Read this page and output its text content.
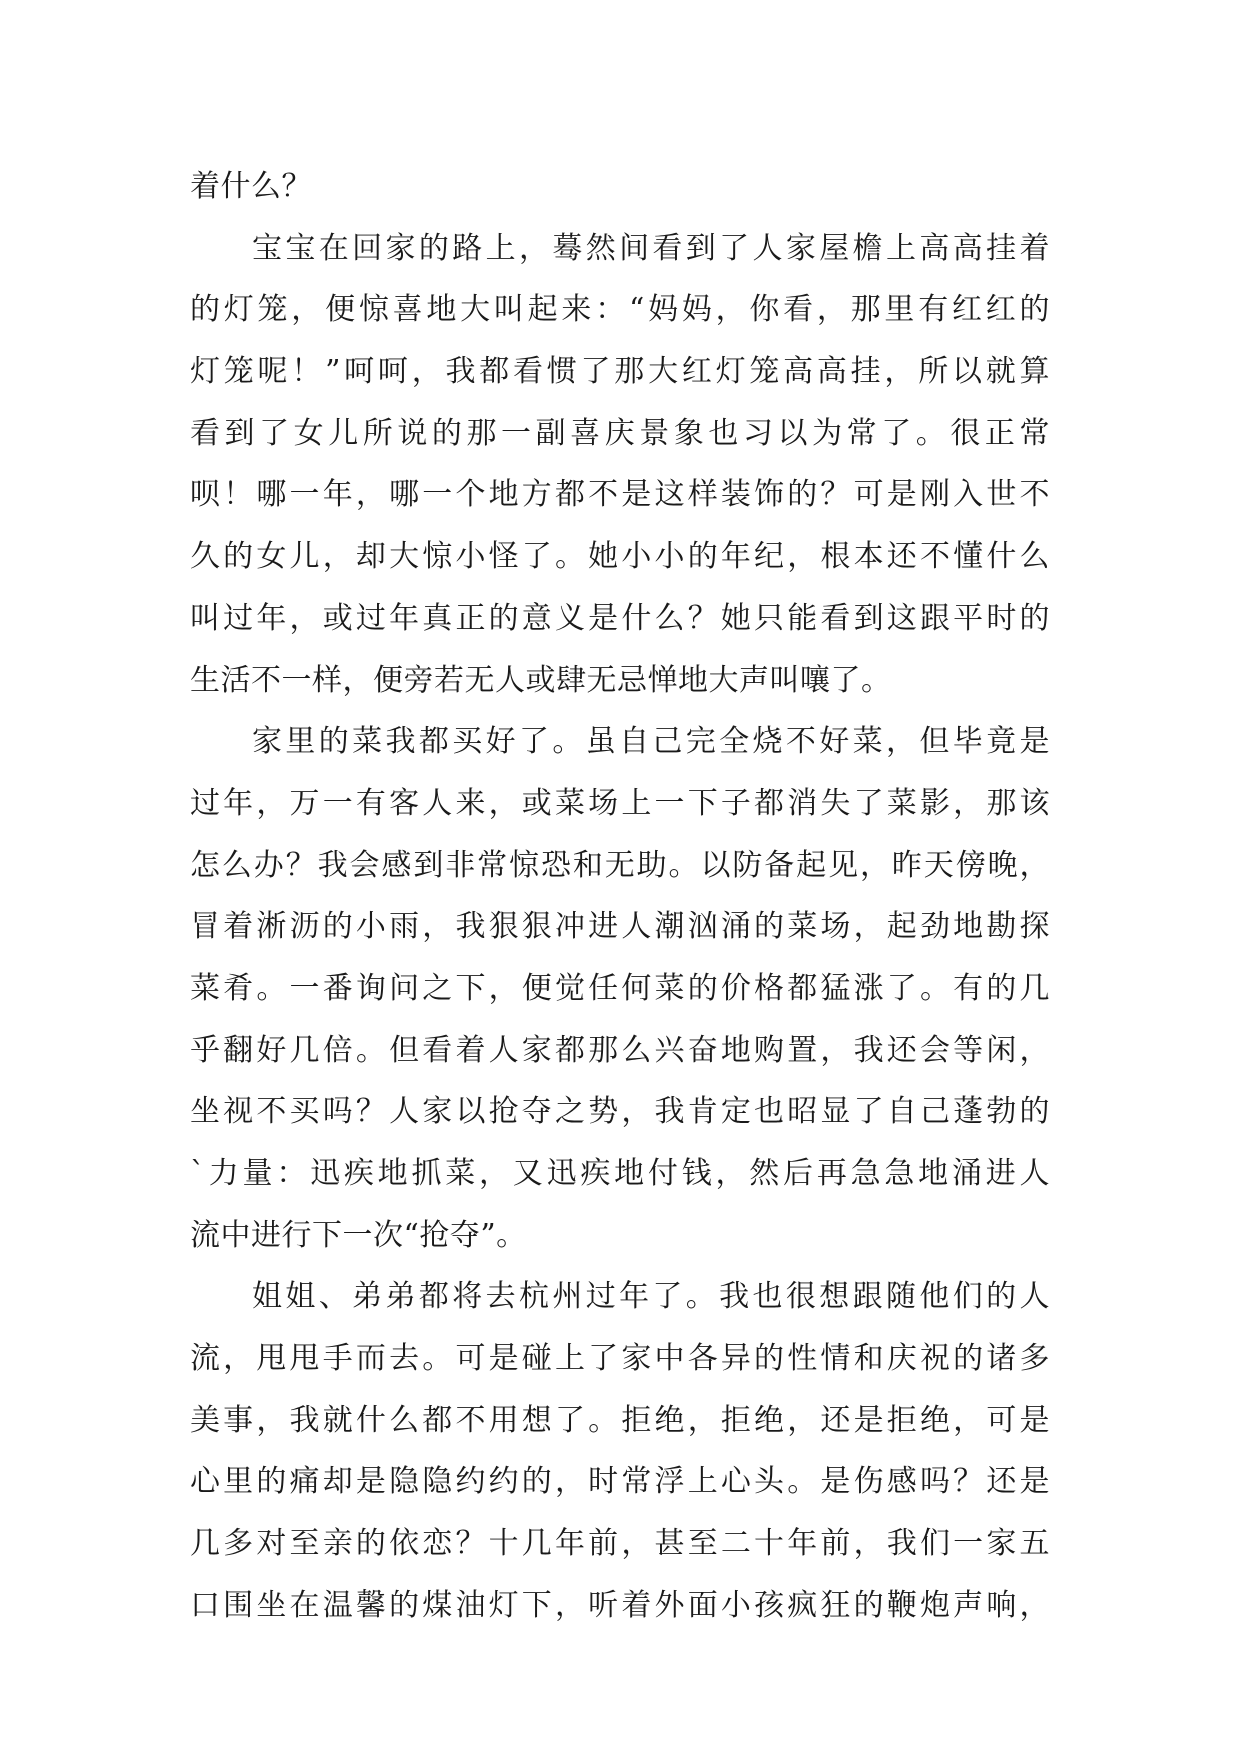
着什么？
宝宝在回家的路上，蓦然间看到了人家屋檐上高高挂着
的灯笼，便惊喜地大叫起来：“妈妈，你看，那里有红红的
灯笼呢！”呵呵，我都看惯了那大红灯笼高高挂，所以就算
看到了女儿所说的那一副喜庆景象也习以为常了。很正常
呗！哪一年，哪一个地方都不是这样装饰的？可是刚入世不
久的女儿，却大惊小怪了。她小小的年纪，根本还不懂什么
叫过年，或过年真正的意义是什么？她只能看到这跟平时的
生活不一样，便旁若无人或肆无忌惮地大声叫嚷了。
家里的菜我都买好了。虽自己完全烧不好菜，但毕竟是
过年，万一有客人来，或菜场上一下子都消失了菜影，那该
怎么办？我会感到非常惊恐和无助。以防备起见，昨天傍晚，
冒着淅沥的小雨，我狠狠冲进人潮汹涌的菜场，起劲地勘探
菜肴。一番询问之下，便觉任何菜的价格都猛涨了。有的几
乎翻好几倍。但看着人家都那么兴奋地购置，我还会等闲，
坐视不买吗？人家以抢夺之势，我肯定也昭显了自己蓬勃的
`力量：迅疾地抓菜，又迅疾地付钱，然后再急急地涌进人
流中进行下一次“抢夺”。
姐姐、弟弟都将去杭州过年了。我也很想跟随他们的人
流，甩甩手而去。可是碰上了家中各异的性情和庆祝的诸多
美事，我就什么都不用想了。拒绝，拒绝，还是拒绝，可是
心里的痛却是隐隐约约的，时常浮上心头。是伤感吗？还是
几多对至亲的依恋？十几年前，甚至二十年前，我们一家五
口围坐在温馨的煤油灯下，听着外面小孩疯狂的鞭炮声响，
